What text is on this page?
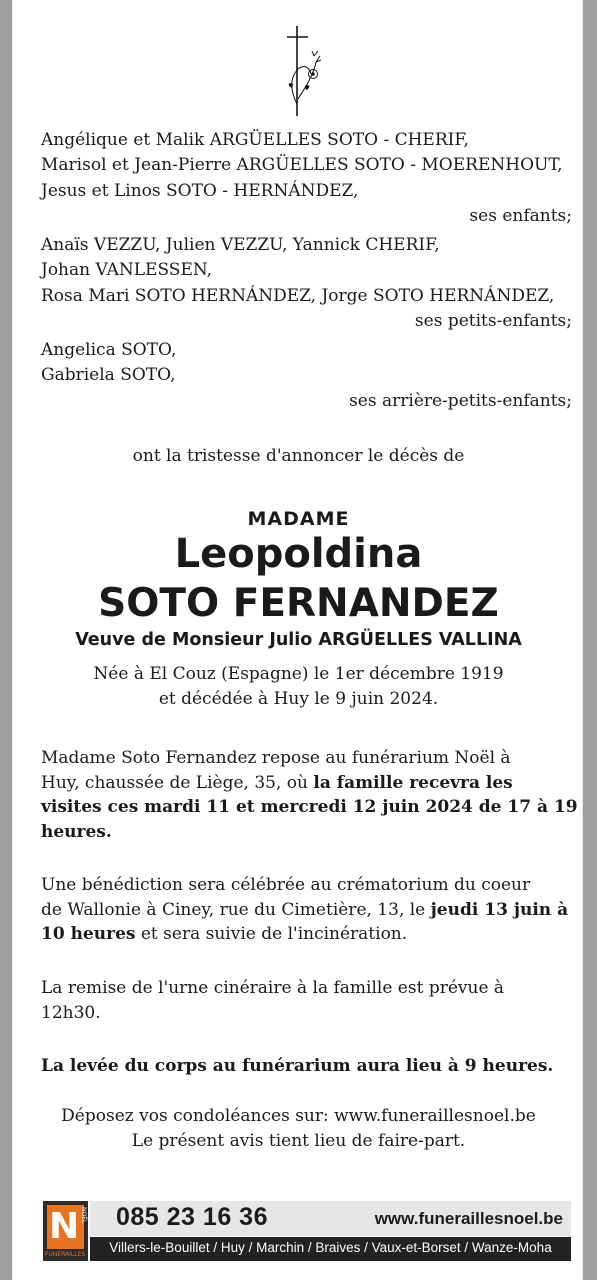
Angélique et Malik ARGÜELLES SOTO - CHERIF,
Marisol et Jean-Pierre ARGÜELLES SOTO - MOERENHOUT,
Jesus et Linos SOTO - HERNÁNDEZ,
ses enfants;
Anaïs VEZZU, Julien VEZZU, Yannick CHERIF,
Johan VANLESSEN,
Rosa Mari SOTO HERNÁNDEZ, Jorge SOTO HERNÁNDEZ,
ses petits-enfants;
Angelica SOTO,
Gabriela SOTO,
ses arrière-petits-enfants;
ont la tristesse d'annoncer le décès de
MADAME
Leopoldina
SOTO FERNANDEZ
Veuve de Monsieur Julio ARGÜELLES VALLINA
Née à El Couz (Espagne) le 1er décembre 1919
et décédée à Huy le 9 juin 2024.
Madame Soto Fernandez repose au funérarium Noël à
Huy, chaussée de Liège, 35, où la famille recevra les
visites ces mardi 11 et mercredi 12 juin 2024 de 17 à 19
heures.
Une bénédiction sera célébrée au crématorium du coeur
de Wallonie à Ciney, rue du Cimetière, 13, le jeudi 13 juin à
10 heures et sera suivie de l'incinération.
La remise de l'urne cinéraire à la famille est prévue à
12h30.
La levée du corps au funérarium aura lieu à 9 heures.
Déposez vos condoléances sur: www.funeraillesnoel.be
Le présent avis tient lieu de faire-part.
N NOËL
FUNÉRAILLES
085 23 16 36	www.funeraillesnoel.be
Villers-le-Bouillet / Huy / Marchin / Braives / Vaux-et-Borset / Wanze-Moha
